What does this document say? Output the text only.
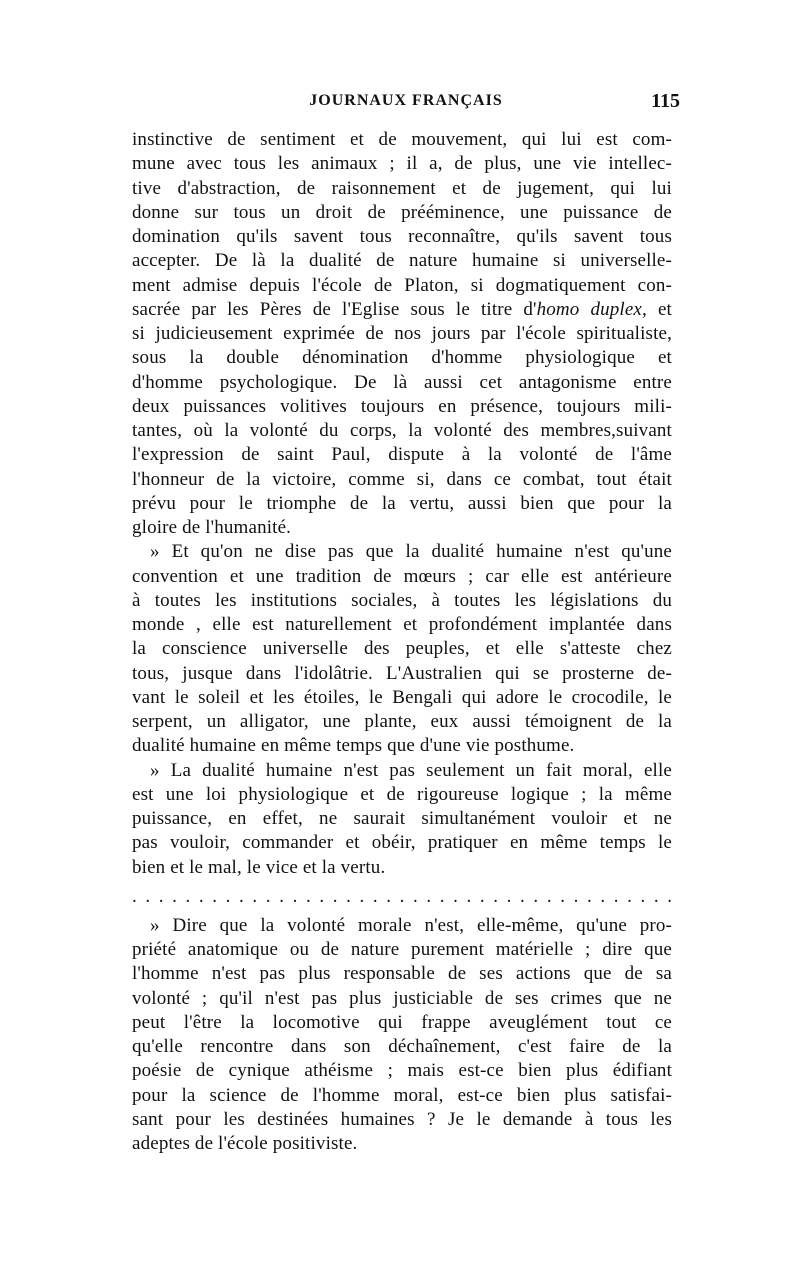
JOURNAUX FRANÇAIS	115
instinctive de sentiment et de mouvement, qui lui est com-
mune avec tous les animaux ; il a, de plus, une vie intellec-
tive d'abstraction, de raisonnement et de jugement, qui lui
donne sur tous un droit de prééminence, une puissance de
domination qu'ils savent tous reconnaître, qu'ils savent tous
accepter. De là la dualité de nature humaine si universelle-
ment admise depuis l'école de Platon, si dogmatiquement con-
sacrée par les Pères de l'Eglise sous le titre d'homo duplex, et
si judicieusement exprimée de nos jours par l'école spiritualiste,
sous la double dénomination d'homme physiologique et
d'homme psychologique. De là aussi cet antagonisme entre
deux puissances volitives toujours en présence, toujours mili-
tantes, où la volonté du corps, la volonté des membres,suivant
l'expression de saint Paul, dispute à la volonté de l'âme
l'honneur de la victoire, comme si, dans ce combat, tout était
prévu pour le triomphe de la vertu, aussi bien que pour la
gloire de l'humanité.
» Et qu'on ne dise pas que la dualité humaine n'est qu'une
convention et une tradition de mœurs ; car elle est antérieure
à toutes les institutions sociales, à toutes les législations du
monde , elle est naturellement et profondément implantée dans
la conscience universelle des peuples, et elle s'atteste chez
tous, jusque dans l'idolâtrie. L'Australien qui se prosterne de-
vant le soleil et les étoiles, le Bengali qui adore le crocodile, le
serpent, un alligator, une plante, eux aussi témoignent de la
dualité humaine en même temps que d'une vie posthume.
» La dualité humaine n'est pas seulement un fait moral, elle
est une loi physiologique et de rigoureuse logique ; la même
puissance, en effet, ne saurait simultanément vouloir et ne
pas vouloir, commander et obéir, pratiquer en même temps le
bien et le mal, le vice et la vertu.
. . . . . . . . . . . . . . . . . . . . . . . . . . . . . . . . . . . . . . . . .
» Dire que la volonté morale n'est, elle-même, qu'une pro-
priété anatomique ou de nature purement matérielle ; dire que
l'homme n'est pas plus responsable de ses actions que de sa
volonté ; qu'il n'est pas plus justiciable de ses crimes que ne
peut l'être la locomotive qui frappe aveuglément tout ce
qu'elle rencontre dans son déchaînement, c'est faire de la
poésie de cynique athéisme ; mais est-ce bien plus édifiant
pour la science de l'homme moral, est-ce bien plus satisfai-
sant pour les destinées humaines ? Je le demande à tous les
adeptes de l'école positiviste.
